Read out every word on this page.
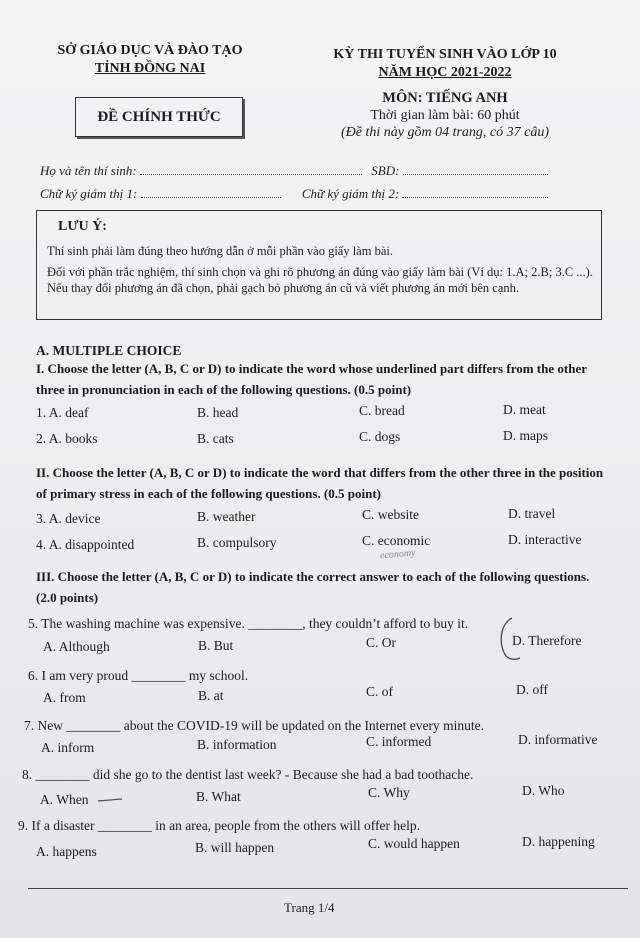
SỞ GIÁO DỤC VÀ ĐÀO TẠO
TỈNH ĐỒNG NAI
KỲ THI TUYỂN SINH VÀO LỚP 10
NĂM HỌC 2021-2022
ĐỀ CHÍNH THỨC
MÔN: TIẾNG ANH
Thời gian làm bài: 60 phút
(Đề thi này gồm 04 trang, có 37 câu)
Họ và tên thí sinh:	SBD:
Chữ ký giám thị 1:	Chữ ký giám thị 2:
LƯU Ý:
Thí sinh phải làm đúng theo hướng dẫn ở mỗi phần vào giấy làm bài.
Đối với phần trắc nghiệm, thí sinh chọn và ghi rõ phương án đúng vào giấy làm bài (Ví dụ: 1.A; 2.B; 3.C ...). Nếu thay đổi phương án đã chọn, phải gạch bỏ phương án cũ và viết phương án mới bên cạnh.
A. MULTIPLE CHOICE
I. Choose the letter (A, B, C or D) to indicate the word whose underlined part differs from the other three in pronunciation in each of the following questions. (0.5 point)
1. A. deaf	B. head	C. bread	D. meat
2. A. books	B. cats	C. dogs	D. maps
II. Choose the letter (A, B, C or D) to indicate the word that differs from the other three in the position of primary stress in each of the following questions. (0.5 point)
3. A. device	B. weather	C. website	D. travel
4. A. disappointed	B. compulsory	C. economic	D. interactive
economy
III. Choose the letter (A, B, C or D) to indicate the correct answer to each of the following questions. (2.0 points)
5. The washing machine was expensive. ________, they couldn’t afford to buy it.
A. Although	B. But	C. Or	D. Therefore
6. I am very proud ________ my school.
A. from	B. at	C. of	D. off
7. New ________ about the COVID-19 will be updated on the Internet every minute.
A. inform	B. information	C. informed	D. informative
8. ________ did she go to the dentist last week? - Because she had a bad toothache.
A. When	B. What	C. Why	D. Who
9. If a disaster ________ in an area, people from the others will offer help.
A. happens	B. will happen	C. would happen	D. happening
Trang 1/4
